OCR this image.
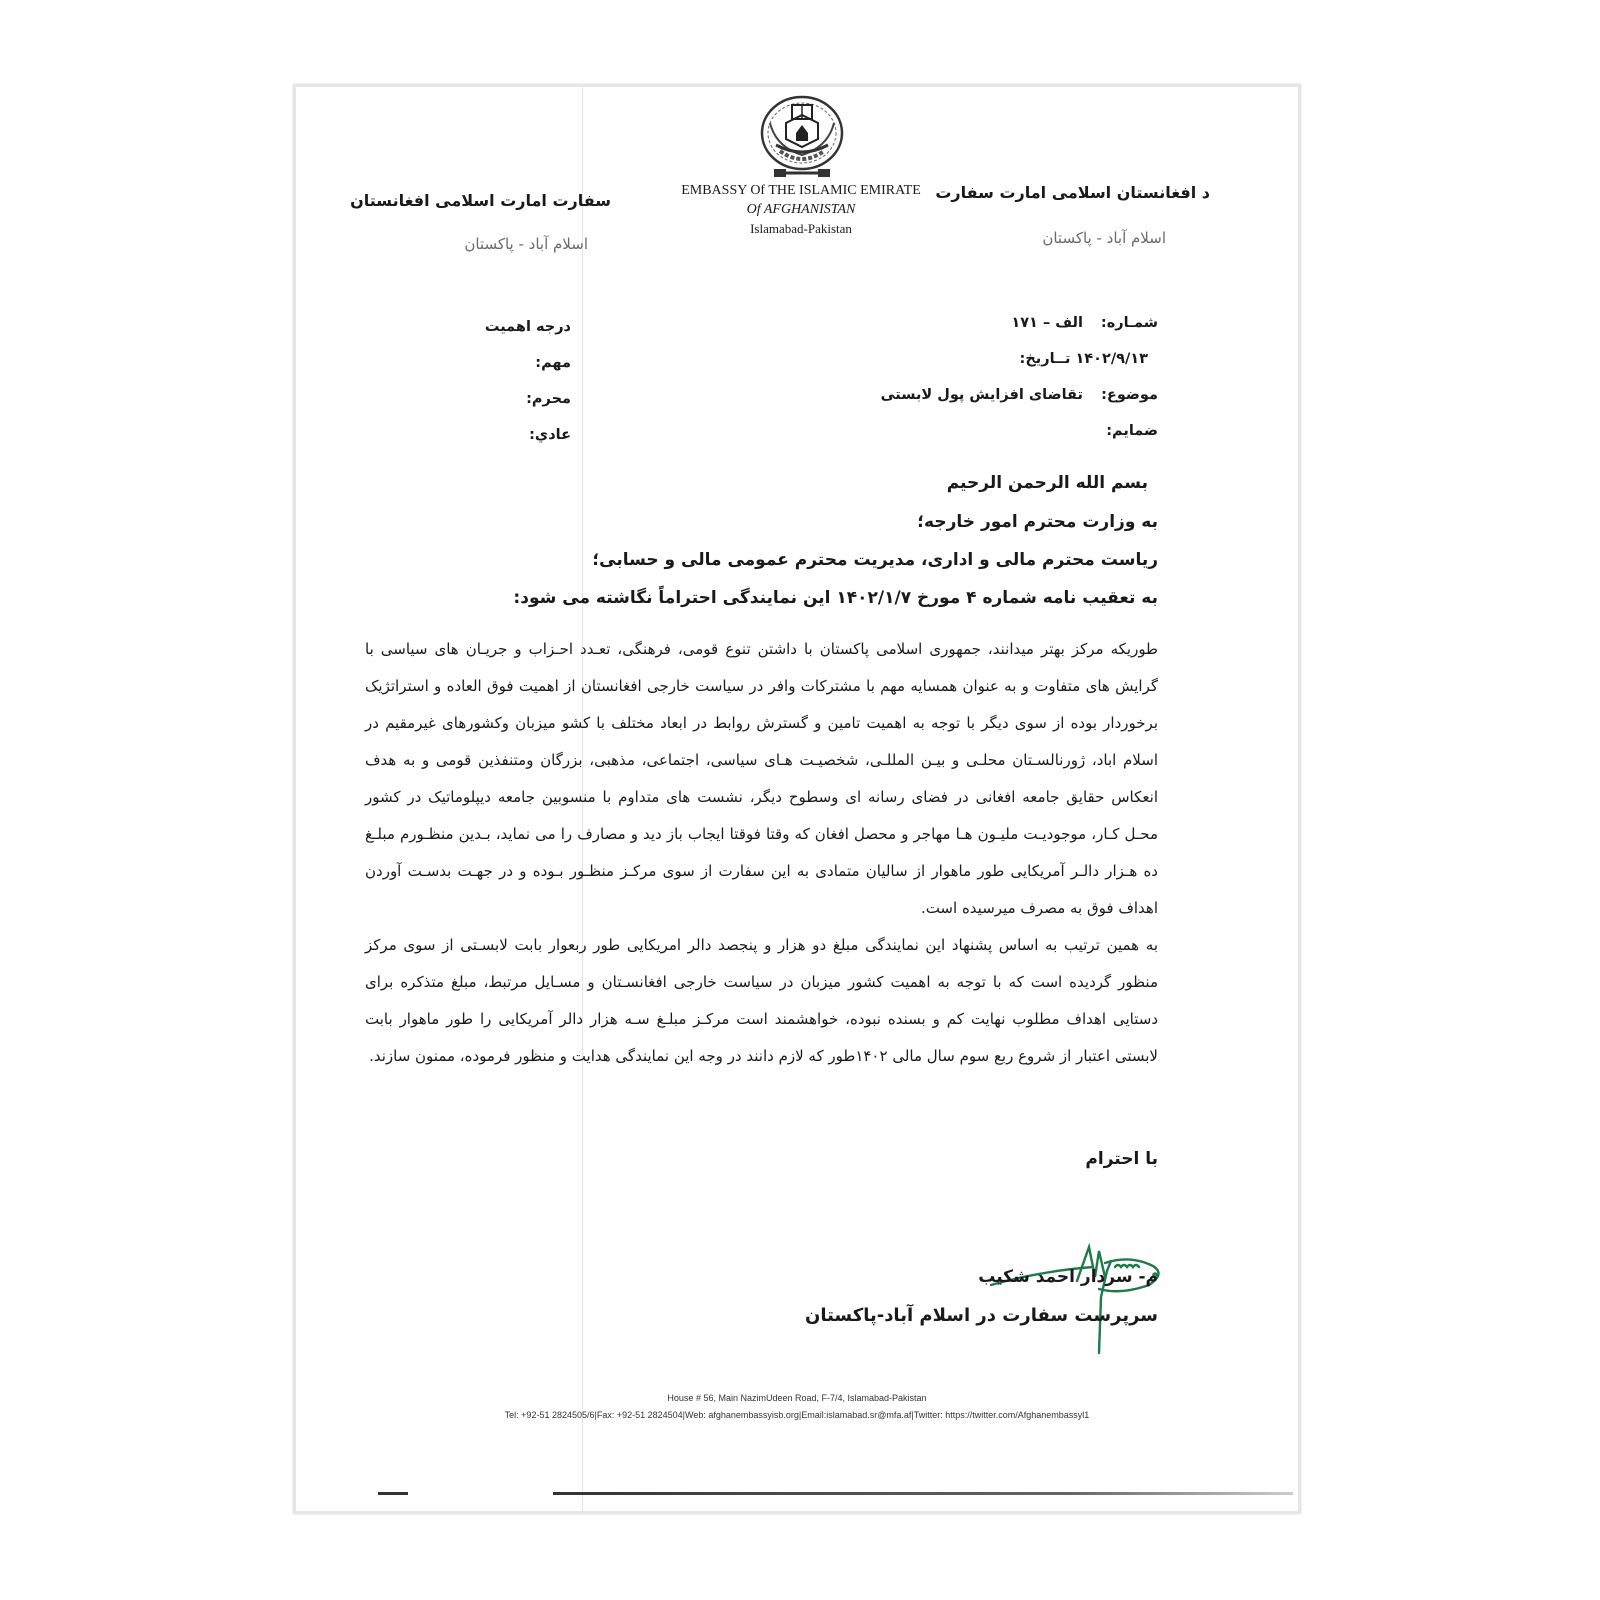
د افغانستان اسلامی امارت سفارت
اسلام آباد - پاکستان
سفارت امارت اسلامی افغانستان
اسلام آباد - پاکستان
EMBASSY Of THE ISLAMIC EMIRATE
Of AFGHANISTAN
Islamabad-Pakistan
شمـاره: الف – ۱۷۱
تــاریخ: ۱۴۰۲/۹/۱۳
موضوع: تقاضای افزایش پول لابستی
ضمایم:
درجه اهمیت
مهم:
محرم:
عادي:
بسم الله الرحمن الرحیم
به وزارت محترم امور خارجه؛
ریاست محترم مالی و اداری، مدیریت محترم عمومی مالی و حسابی؛
به تعقیب نامه شماره ۴ مورخ ۱۴۰۲/۱/۷ این نمایندگی احتراماً نگاشته می شود:

طوریکه مرکز بهتر میدانند، جمهوری اسلامی پاکستان با داشتن تنوع قومی، فرهنگی، تعـدد احـزاب و جریـان های سیاسی با گرایش های متفاوت و به عنوان همسایه مهم با مشترکات وافر در سیاست خارجی افغانستان از اهمیت فوق العاده و استراتژیک برخوردار بوده از سوی دیگر با توجه به اهمیت تامین و گسترش روابط در ابعاد مختلف با کشو میزبان وکشورهای غیرمقیم در اسلام اباد، ژورنالسـتان محلـی و بیـن المللـی، شخصیـت هـای سیاسی، اجتماعی، مذهبی، بزرگان ومتنفذین قومی و به هدف انعکاس حقایق جامعه افغانی در فضای رسانه ای وسطوح دیگر، نشست های متداوم با منسوبین جامعه دیپلوماتیک در کشور محـل کـار، موجودیـت ملیـون هـا مهاجر و محصل افغان که وقتا فوقتا ایجاب باز دید و مصارف را می نماید، بـدین منظـورم مبلـغ ده هـزار دالـر آمریکایی طور ماهوار از سالیان متمادی به این سفارت از سوی مرکـز منظـور بـوده و در جهـت بدسـت آوردن اهداف فوق به مصرف میرسیده است.

به همین ترتیب به اساس پشنهاد این نمایندگی مبلغ دو هزار و پنجصد دالر امریکایی طور ربعوار بابت لابسـتی از سوی مرکز منظور گردیده است که با توجه به اهمیت کشور میزبان در سیاست خارجی افغانسـتان و مسـایل مرتبط، مبلغ متذکره برای دستایی اهداف مطلوب نهایت کم و بسنده نبوده، خواهشمند است مرکـز مبلـغ سـه هزار دالر آمریکایی را طور ماهوار بابت لابستی اعتبار از شروع ربع سوم سال مالی ۱۴۰۲طور که لازم دانند در وجه این نمایندگی هدایت و منظور فرموده، ممنون سازند.

با احترام
م- سردار احمد شکیب
سرپرست سفارت در اسلام آباد-پاکستان
House # 56, Main NazimUdeen Road, F-7/4, Islamabad-Pakistan
Tel: +92-51 2824505/6|Fax: +92-51 2824504|Web: afghanembassyisb.org|Email:islamabad.sr@mfa.af|Twitter: https://twitter.com/Afghanembassyl1
